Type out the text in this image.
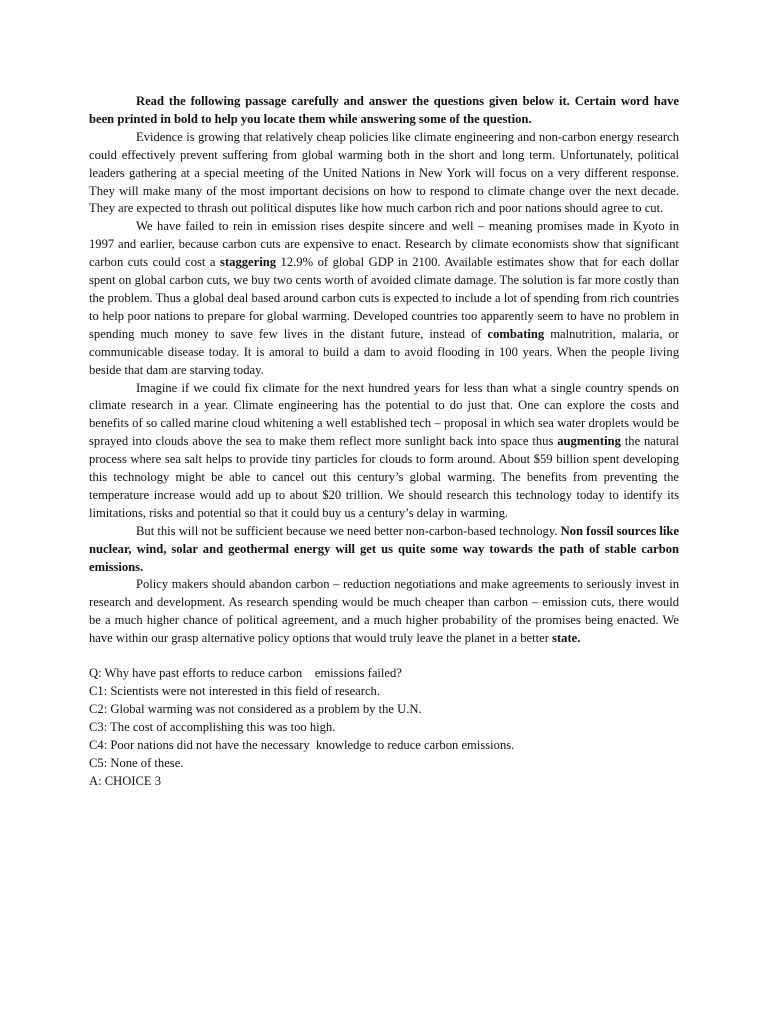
Read the following passage carefully and answer the questions given below it. Certain word have been printed in bold to help you locate them while answering some of the question.

Evidence is growing that relatively cheap policies like climate engineering and non-carbon energy research could effectively prevent suffering from global warming both in the short and long term. Unfortunately, political leaders gathering at a special meeting of the United Nations in New York will focus on a very different response. They will make many of the most important decisions on how to respond to climate change over the next decade. They are expected to thrash out political disputes like how much carbon rich and poor nations should agree to cut.

We have failed to rein in emission rises despite sincere and well – meaning promises made in Kyoto in 1997 and earlier, because carbon cuts are expensive to enact. Research by climate economists show that significant carbon cuts could cost a staggering 12.9% of global GDP in 2100. Available estimates show that for each dollar spent on global carbon cuts, we buy two cents worth of avoided climate damage. The solution is far more costly than the problem. Thus a global deal based around carbon cuts is expected to include a lot of spending from rich countries to help poor nations to prepare for global warming. Developed countries too apparently seem to have no problem in spending much money to save few lives in the distant future, instead of combating malnutrition, malaria, or communicable disease today. It is amoral to build a dam to avoid flooding in 100 years. When the people living beside that dam are starving today.

Imagine if we could fix climate for the next hundred years for less than what a single country spends on climate research in a year. Climate engineering has the potential to do just that. One can explore the costs and benefits of so called marine cloud whitening a well established tech – proposal in which sea water droplets would be sprayed into clouds above the sea to make them reflect more sunlight back into space thus augmenting the natural process where sea salt helps to provide tiny particles for clouds to form around. About $59 billion spent developing this technology might be able to cancel out this century’s global warming. The benefits from preventing the temperature increase would add up to about $20 trillion. We should research this technology today to identify its limitations, risks and potential so that it could buy us a century’s delay in warming.

But this will not be sufficient because we need better non-carbon-based technology. Non fossil sources like nuclear, wind, solar and geothermal energy will get us quite some way towards the path of stable carbon emissions.

Policy makers should abandon carbon – reduction negotiations and make agreements to seriously invest in research and development. As research spending would be much cheaper than carbon – emission cuts, there would be a much higher chance of political agreement, and a much higher probability of the promises being enacted. We have within our grasp alternative policy options that would truly leave the planet in a better state.

Q: Why have past efforts to reduce carbon    emissions failed?

C1: Scientists were not interested in this field of research.

C2: Global warming was not considered as a problem by the U.N.

C3: The cost of accomplishing this was too high.

C4: Poor nations did not have the necessary  knowledge to reduce carbon emissions.

C5: None of these.

A: CHOICE 3
